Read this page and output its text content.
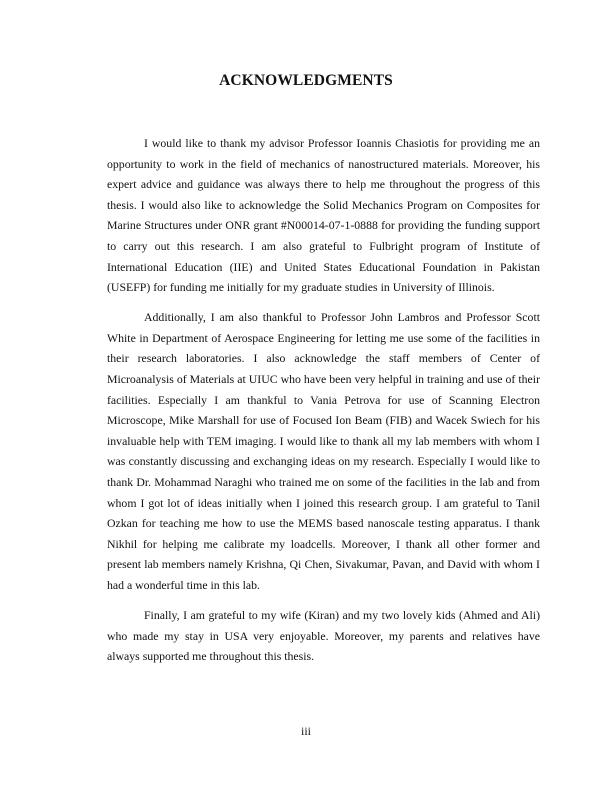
ACKNOWLEDGMENTS

I would like to thank my advisor Professor Ioannis Chasiotis for providing me an opportunity to work in the field of mechanics of nanostructured materials. Moreover, his expert advice and guidance was always there to help me throughout the progress of this thesis. I would also like to acknowledge the Solid Mechanics Program on Composites for Marine Structures under ONR grant #N00014-07-1-0888 for providing the funding support to carry out this research. I am also grateful to Fulbright program of Institute of International Education (IIE) and United States Educational Foundation in Pakistan (USEFP) for funding me initially for my graduate studies in University of Illinois.

Additionally, I am also thankful to Professor John Lambros and Professor Scott White in Department of Aerospace Engineering for letting me use some of the facilities in their research laboratories. I also acknowledge the staff members of Center of Microanalysis of Materials at UIUC who have been very helpful in training and use of their facilities. Especially I am thankful to Vania Petrova for use of Scanning Electron Microscope, Mike Marshall for use of Focused Ion Beam (FIB) and Wacek Swiech for his invaluable help with TEM imaging. I would like to thank all my lab members with whom I was constantly discussing and exchanging ideas on my research. Especially I would like to thank Dr. Mohammad Naraghi who trained me on some of the facilities in the lab and from whom I got lot of ideas initially when I joined this research group. I am grateful to Tanil Ozkan for teaching me how to use the MEMS based nanoscale testing apparatus. I thank Nikhil for helping me calibrate my loadcells. Moreover, I thank all other former and present lab members namely Krishna, Qi Chen, Sivakumar, Pavan, and David with whom I had a wonderful time in this lab.

Finally, I am grateful to my wife (Kiran) and my two lovely kids (Ahmed and Ali) who made my stay in USA very enjoyable. Moreover, my parents and relatives have always supported me throughout this thesis.

iii
